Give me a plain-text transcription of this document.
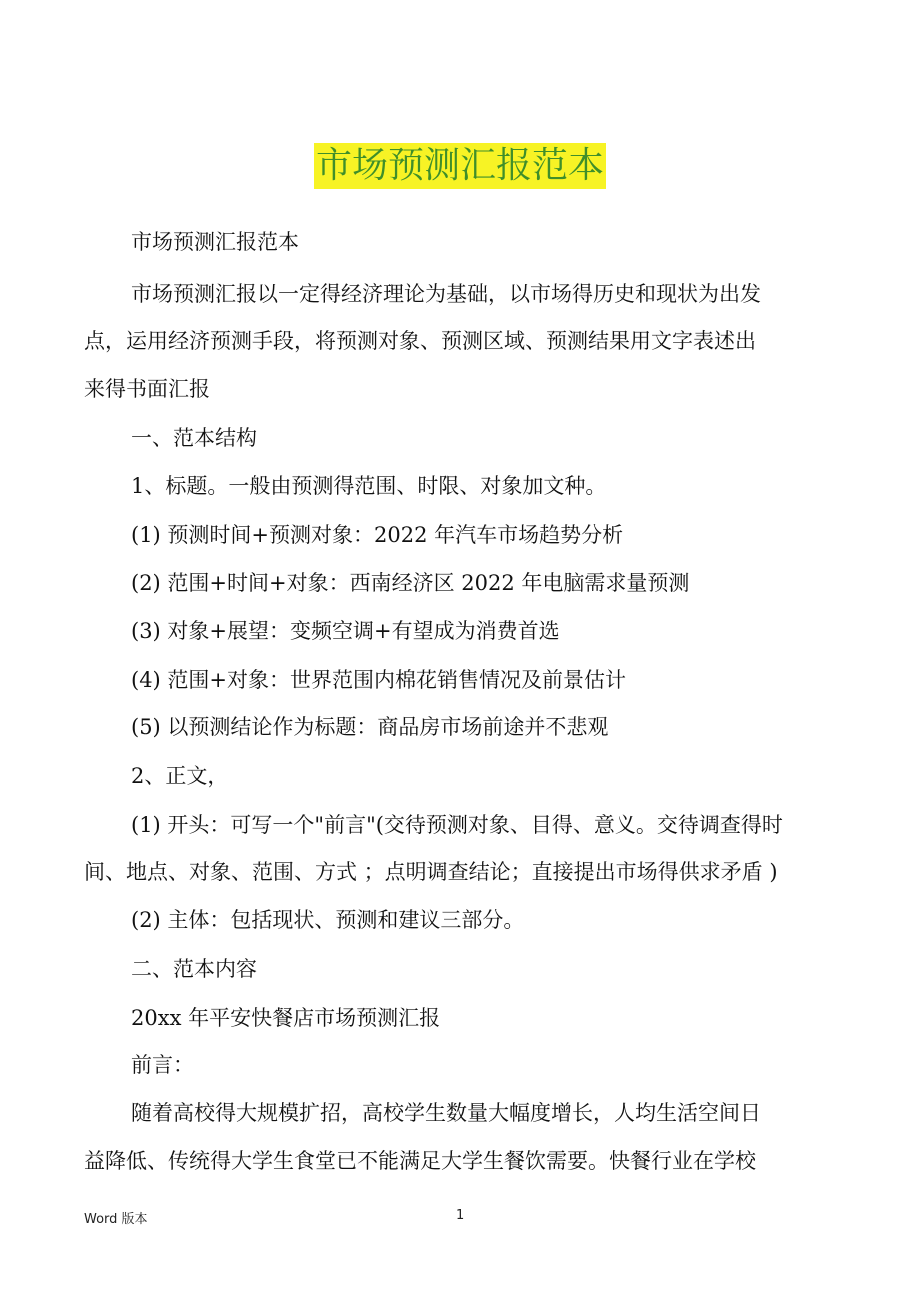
市场预测汇报范本
市场预测汇报范本
市场预测汇报以一定得经济理论为基础，以市场得历史和现状为出发
点，运用经济预测手段，将预测对象、预测区域、预测结果用文字表述出
来得书面汇报
一、范本结构
1、标题。一般由预测得范围、时限、对象加文种。
(1) 预测时间+预测对象：2022 年汽车市场趋势分析
(2) 范围+时间+对象：西南经济区 2022 年电脑需求量预测
(3) 对象+展望：变频空调+有望成为消费首选
(4) 范围+对象：世界范围内棉花销售情况及前景估计
(5) 以预测结论作为标题：商品房市场前途并不悲观
2、正文，
(1) 开头：可写一个"前言"(交待预测对象、目得、意义。交待调查得时
间、地点、对象、范围、方式 ；点明调查结论；直接提出市场得供求矛盾 )
(2) 主体：包括现状、预测和建议三部分。
二、范本内容
20xx 年平安快餐店市场预测汇报
前言：
随着高校得大规模扩招，高校学生数量大幅度增长，人均生活空间日
益降低、传统得大学生食堂已不能满足大学生餐饮需要。快餐行业在学校
Word 版本	1
